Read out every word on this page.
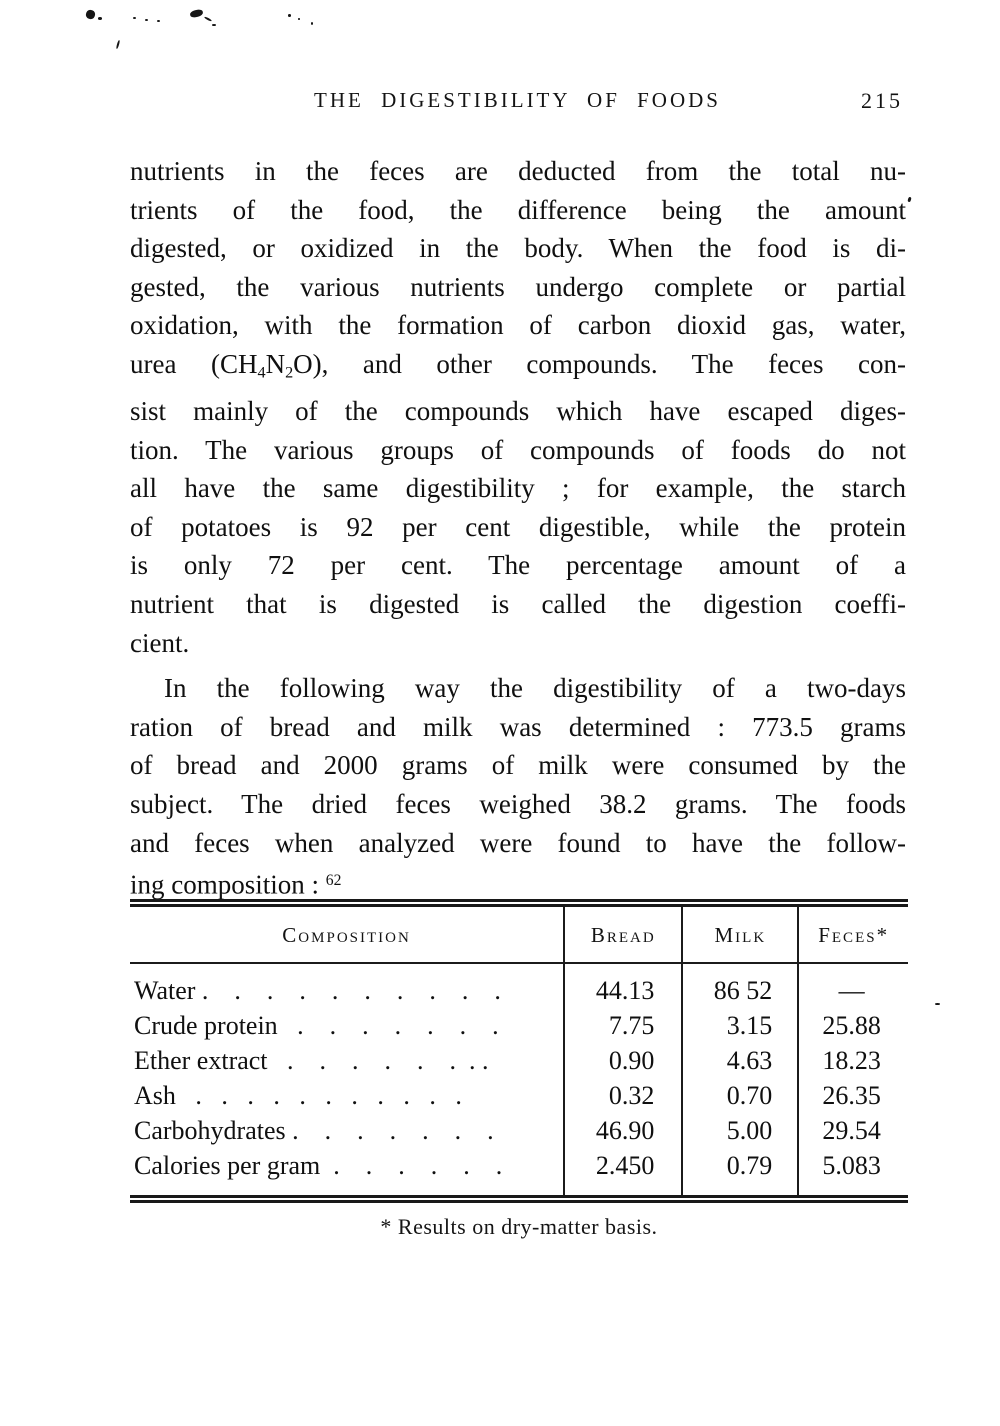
THE DIGESTIBILITY OF FOODS	215
nutrients in the feces are deducted from the total nu-
trients of the food, the difference being the amount
digested, or oxidized in the body. When the food is di-
gested, the various nutrients undergo complete or partial
oxidation, with the formation of carbon dioxid gas, water,
urea $(CH_4N_2O)$, and other compounds. The feces con-
sist mainly of the compounds which have escaped diges-
tion. The various groups of compounds of foods do not
all have the same digestibility ; for example, the starch
of potatoes is 92 per cent digestible, while the protein
is only 72 per cent. The percentage amount of a
nutrient that is digested is called the digestion coeffi-
cient.
In the following way the digestibility of a two-days
ration of bread and milk was determined : 773.5 grams
of bread and 2000 grams of milk were consumed by the
subject. The dried feces weighed 38.2 grams. The foods
and feces when analyzed were found to have the follow-
ing composition : $^{62}$
Composition	Bread	Milk	Feces*
Water .    .    .    .    .    .    .    .    .    .	44.13	86 52	—
Crude protein   .    .    .    .    .    .    .	7.75	3.15	25.88
Ether extract   .    .    .    .    .    .  . .	0.90	4.63	18.23
Ash   .   .   .   .   .   .   .   .   .   .   .	0.32	0.70	26.35
Carbohydrates .    .    .    .    .    .    .	46.90	5.00	29.54
Calories per gram  .    .    .    .    .    .	2.450	0.79	5.083
* Results on dry-matter basis.
